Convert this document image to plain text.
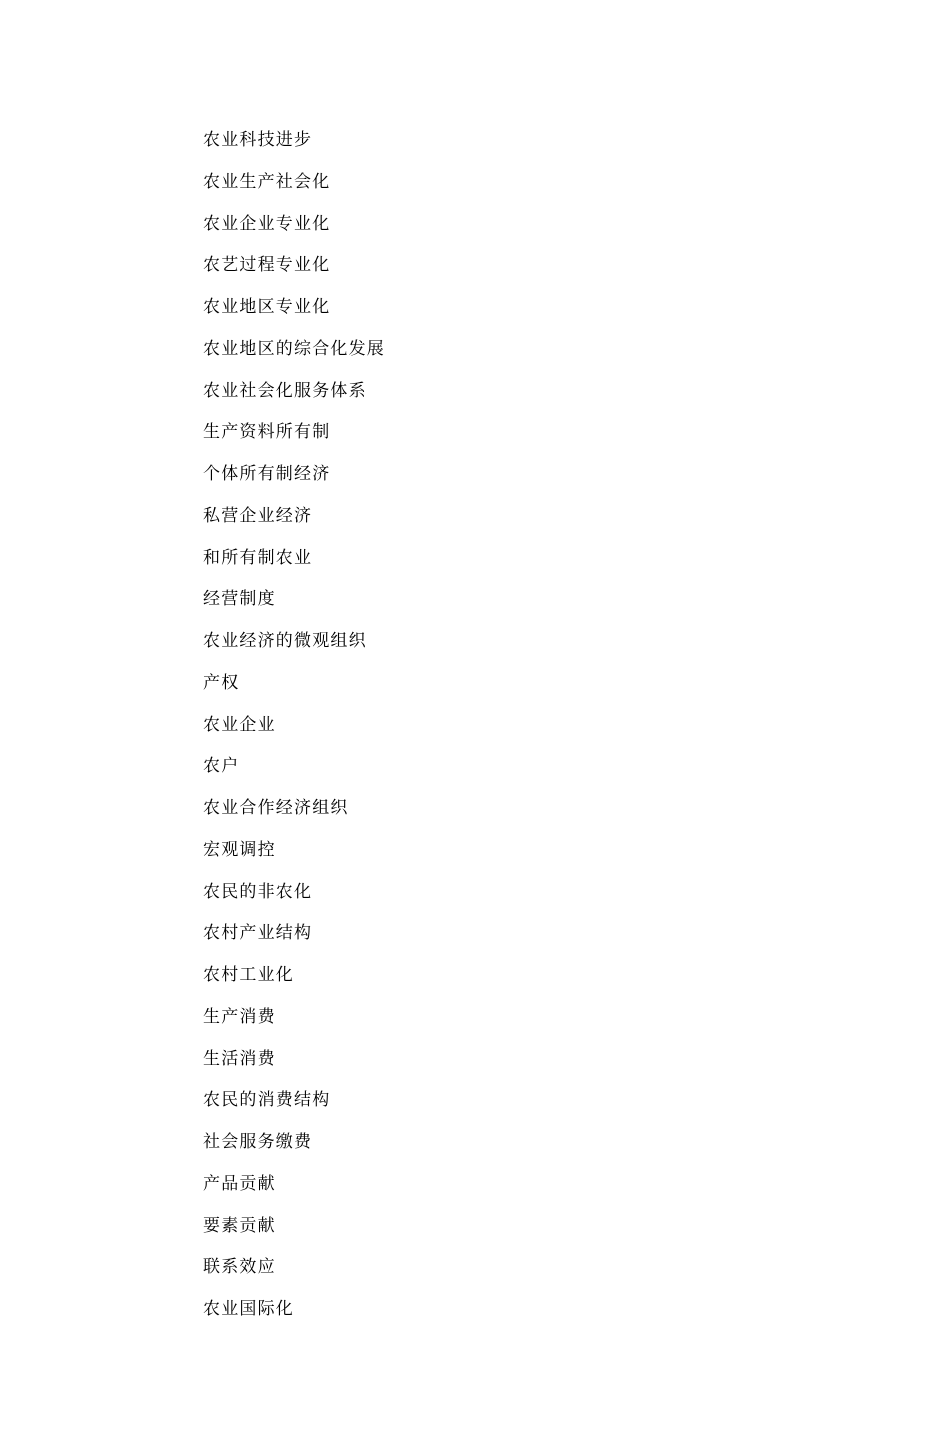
农业科技进步
农业生产社会化
农业企业专业化
农艺过程专业化
农业地区专业化
农业地区的综合化发展
农业社会化服务体系
生产资料所有制
个体所有制经济
私营企业经济
和所有制农业
经营制度
农业经济的微观组织
产权
农业企业
农户
农业合作经济组织
宏观调控
农民的非农化
农村产业结构
农村工业化
生产消费
生活消费
农民的消费结构
社会服务缴费
产品贡献
要素贡献
联系效应
农业国际化
